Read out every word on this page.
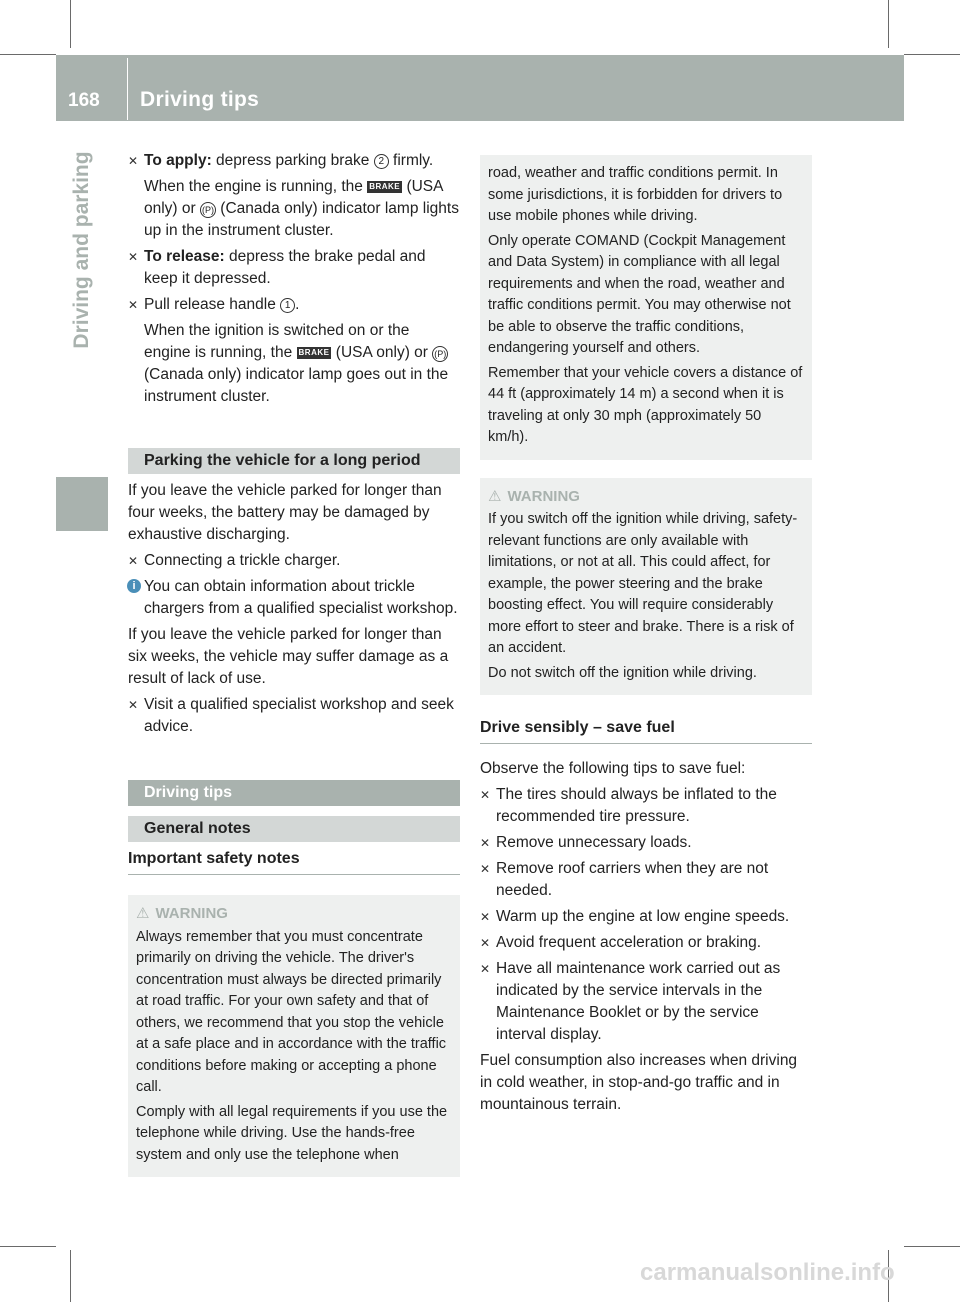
168 Driving tips
Driving and parking	✕ To apply: depress parking brake 2 firmly.
When the engine is running, the BRAKE (USA only) or (P) (Canada only) indicator lamp lights up in the instrument cluster.
✕ To release: depress the brake pedal and keep it depressed.
✕ Pull release handle 1 .
When the ignition is switched on or the engine is running, the BRAKE (USA only) or (P) (Canada only) indicator lamp goes out in the instrument cluster.
Parking the vehicle for a long period

If you leave the vehicle parked for longer than four weeks, the battery may be damaged by exhaustive discharging.

✕ Connecting a trickle charger.
i You can obtain information about trickle chargers from a qualified specialist workshop.

If you leave the vehicle parked for longer than six weeks, the vehicle may suffer damage as a result of lack of use.

✕ Visit a qualified specialist workshop and seek advice.
Driving tips
General notes
Important safety notes
⚠ WARNING

Always remember that you must concentrate primarily on driving the vehicle. The driver's concentration must always be directed primarily at road traffic. For your own safety and that of others, we recommend that you stop the vehicle at a safe place and in accordance with the traffic conditions before making or accepting a phone call.

Comply with all legal requirements if you use the telephone while driving. Use the hands-free system and only use the telephone when

road, weather and traffic conditions permit. In some jurisdictions, it is forbidden for drivers to use mobile phones while driving.

Only operate COMAND (Cockpit Management and Data System) in compliance with all legal requirements and when the road, weather and traffic conditions permit. You may otherwise not be able to observe the traffic conditions, endangering yourself and others.

Remember that your vehicle covers a distance of 44 ft (approximately 14 m) a second when it is traveling at only 30 mph (approximately 50 km/h).

⚠ WARNING

If you switch off the ignition while driving, safety-relevant functions are only available with limitations, or not at all. This could affect, for example, the power steering and the brake boosting effect. You will require considerably more effort to steer and brake. There is a risk of an accident.

Do not switch off the ignition while driving.

Drive sensibly – save fuel

Observe the following tips to save fuel:

✕ The tires should always be inflated to the recommended tire pressure.
✕ Remove unnecessary loads.
✕ Remove roof carriers when they are not needed.
✕ Warm up the engine at low engine speeds.
✕ Avoid frequent acceleration or braking.
✕ Have all maintenance work carried out as indicated by the service intervals in the Maintenance Booklet or by the service interval display.

Fuel consumption also increases when driving in cold weather, in stop-and-go traffic and in mountainous terrain.

carmanualsonline.info
